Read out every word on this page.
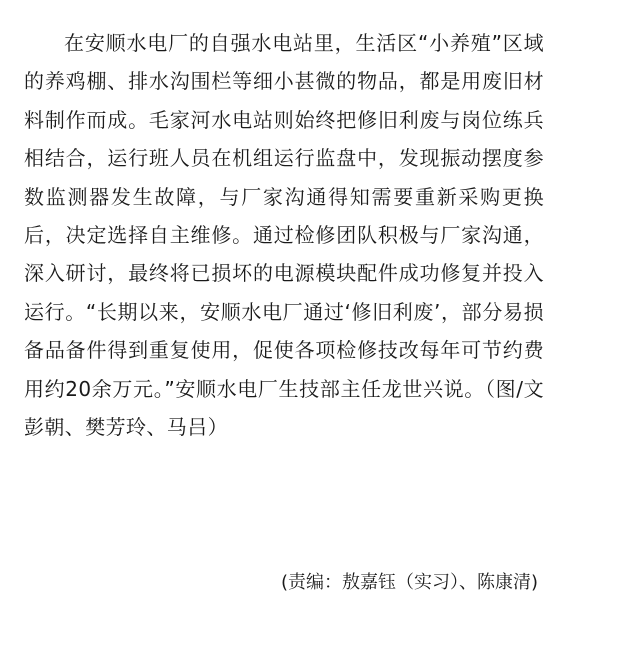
在安顺水电厂的自强水电站里，生活区“小养殖”区域的养鸡棚、排水沟围栏等细小甚微的物品，都是用废旧材料制作而成。毛家河水电站则始终把修旧利废与岗位练兵相结合，运行班人员在机组运行监盘中，发现振动摆度参数监测器发生故障，与厂家沟通得知需要重新采购更换后，决定选择自主维修。通过检修团队积极与厂家沟通，深入研讨，最终将已损坏的电源模块配件成功修复并投入运行。“长期以来，安顺水电厂通过‘修旧利废’，部分易损备品备件得到重复使用，促使各项检修技改每年可节约费用约20余万元。”安顺水电厂生技部主任龙世兴说。（图/文 彭朝、樊芳玲、马吕）

(责编：敖嘉钰（实习）、陈康清)
